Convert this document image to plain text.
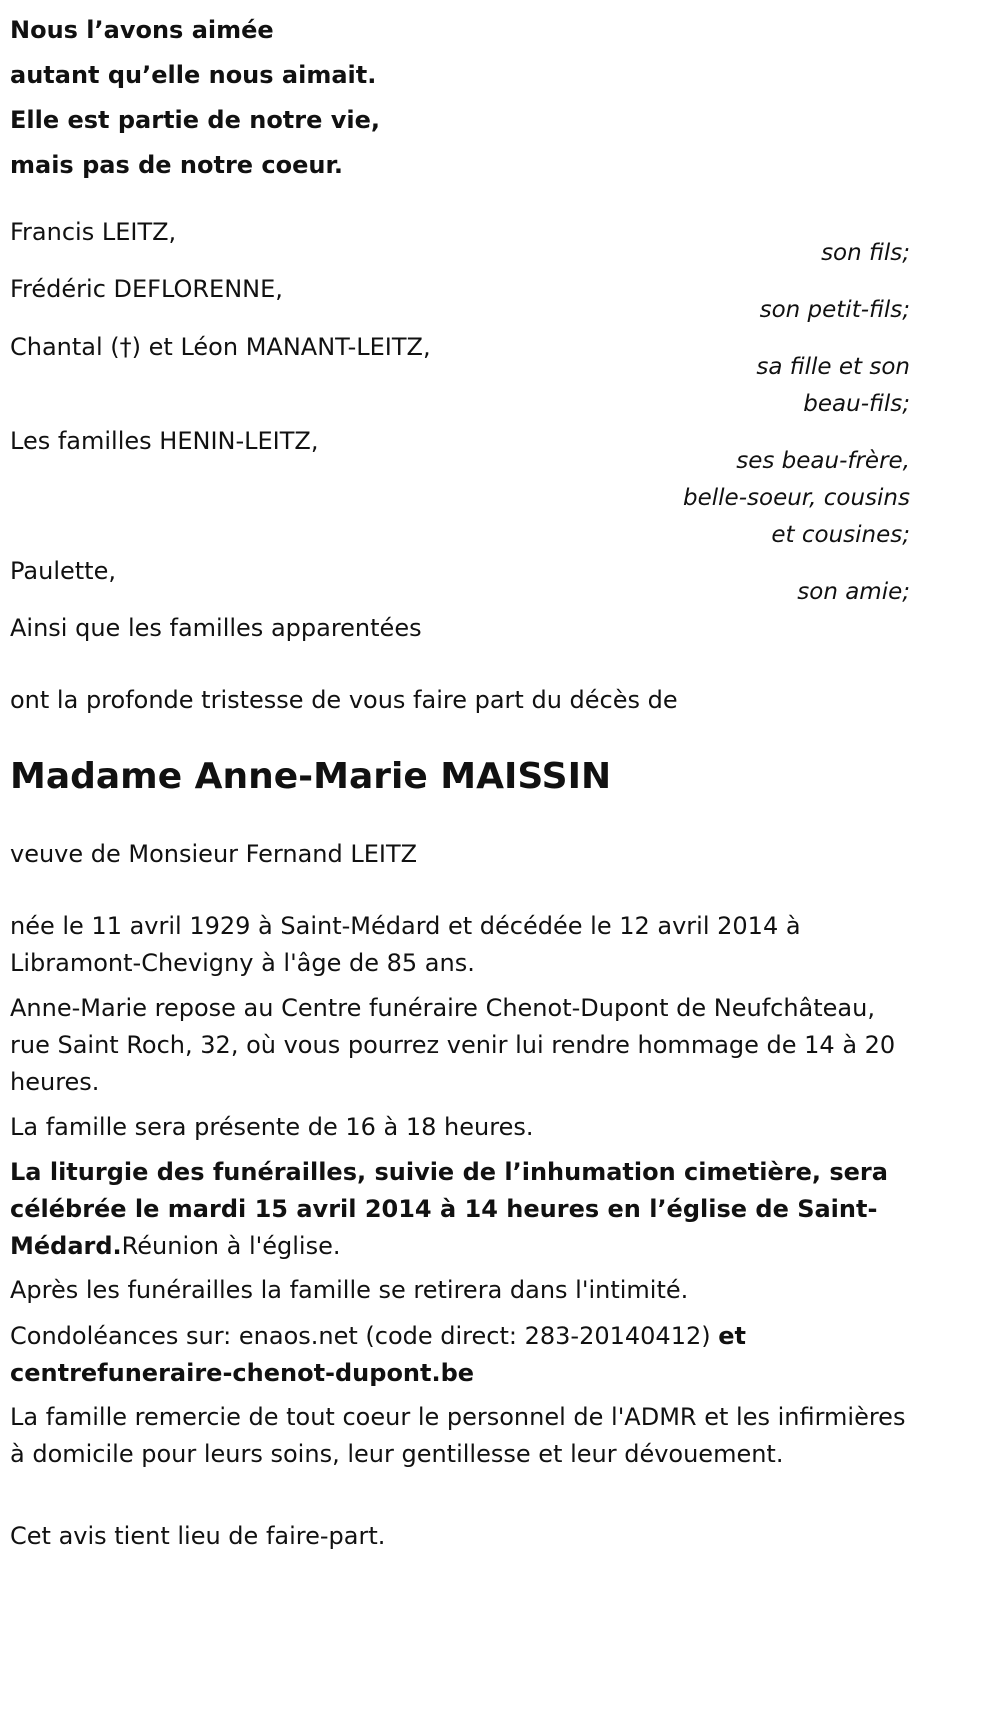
Nous l’avons aimée
autant qu’elle nous aimait.
Elle est partie de notre vie,
mais pas de notre coeur.
Francis LEITZ,
son fils;
Frédéric DEFLORENNE,
son petit-fils;
Chantal (†) et Léon MANANT-LEITZ,
sa fille et son
beau-fils;
Les familles HENIN-LEITZ,
ses beau-frère,
belle-soeur, cousins
et cousines;
Paulette,
son amie;
Ainsi que les familles apparentées
ont la profonde tristesse de vous faire part du décès de
Madame Anne-Marie MAISSIN
veuve de Monsieur Fernand LEITZ
née le 11 avril 1929 à Saint-Médard et décédée le 12 avril 2014 à Libramont-Chevigny à l'âge de 85 ans.
Anne-Marie repose au Centre funéraire Chenot-Dupont de Neufchâteau, rue Saint Roch, 32, où vous pourrez venir lui rendre hommage de 14 à 20 heures.
La famille sera présente de 16 à 18 heures.
La liturgie des funérailles, suivie de l’inhumation cimetière, sera célébrée le mardi 15 avril 2014 à 14 heures en l’église de Saint-Médard.Réunion à l'église.
Après les funérailles la famille se retirera dans l'intimité.
Condoléances sur: enaos.net (code direct: 283-20140412) et centrefuneraire-chenot-dupont.be
La famille remercie de tout coeur le personnel de l'ADMR et les infirmières à domicile pour leurs soins, leur gentillesse et leur dévouement.
Cet avis tient lieu de faire-part.
